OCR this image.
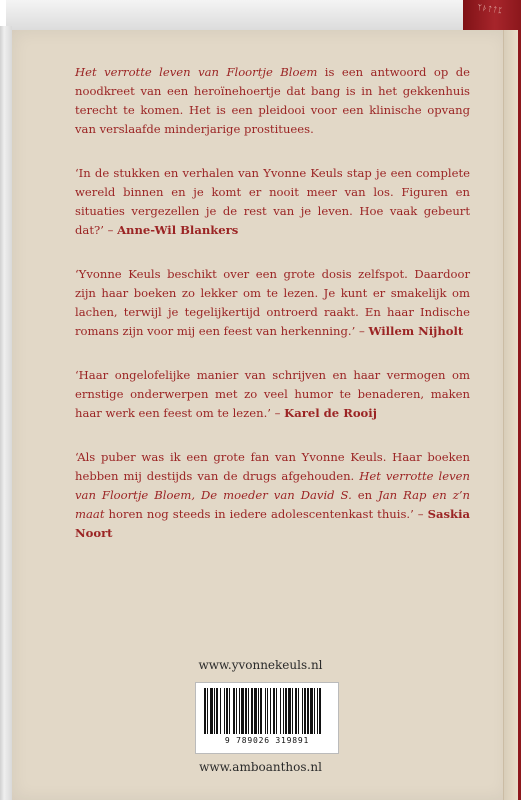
ᛉᚦᛏᛏᛈ

Het verrotte leven van Floortje Bloem is een antwoord op de noodkreet van een heroïnehoertje dat bang is in het gekkenhuis terecht te komen. Het is een pleidooi voor een klinische opvang van verslaafde minderjarige prostituees.

‘In de stukken en verhalen van Yvonne Keuls stap je een complete wereld binnen en je komt er nooit meer van los. Figuren en situaties vergezellen je de rest van je leven. Hoe vaak gebeurt dat?’ – Anne-Wil Blankers

‘Yvonne Keuls beschikt over een grote dosis zelfspot. Daardoor zijn haar boeken zo lekker om te lezen. Je kunt er smakelijk om lachen, terwijl je tegelijkertijd ontroerd raakt. En haar Indische romans zijn voor mij een feest van herkenning.’ – Willem Nijholt

‘Haar ongelofelijke manier van schrijven en haar vermogen om ernstige onderwerpen met zo veel humor te benaderen, maken haar werk een feest om te lezen.’ – Karel de Rooij

‘Als puber was ik een grote fan van Yvonne Keuls. Haar boeken hebben mij destijds van de drugs afgehouden. Het verrotte leven van Floortje Bloem, De moeder van David S. en Jan Rap en z’n maat horen nog steeds in iedere adolescentenkast thuis.’ – Saskia Noort

www.yvonnekeuls.nl
9 789026 319891
www.amboanthos.nl
